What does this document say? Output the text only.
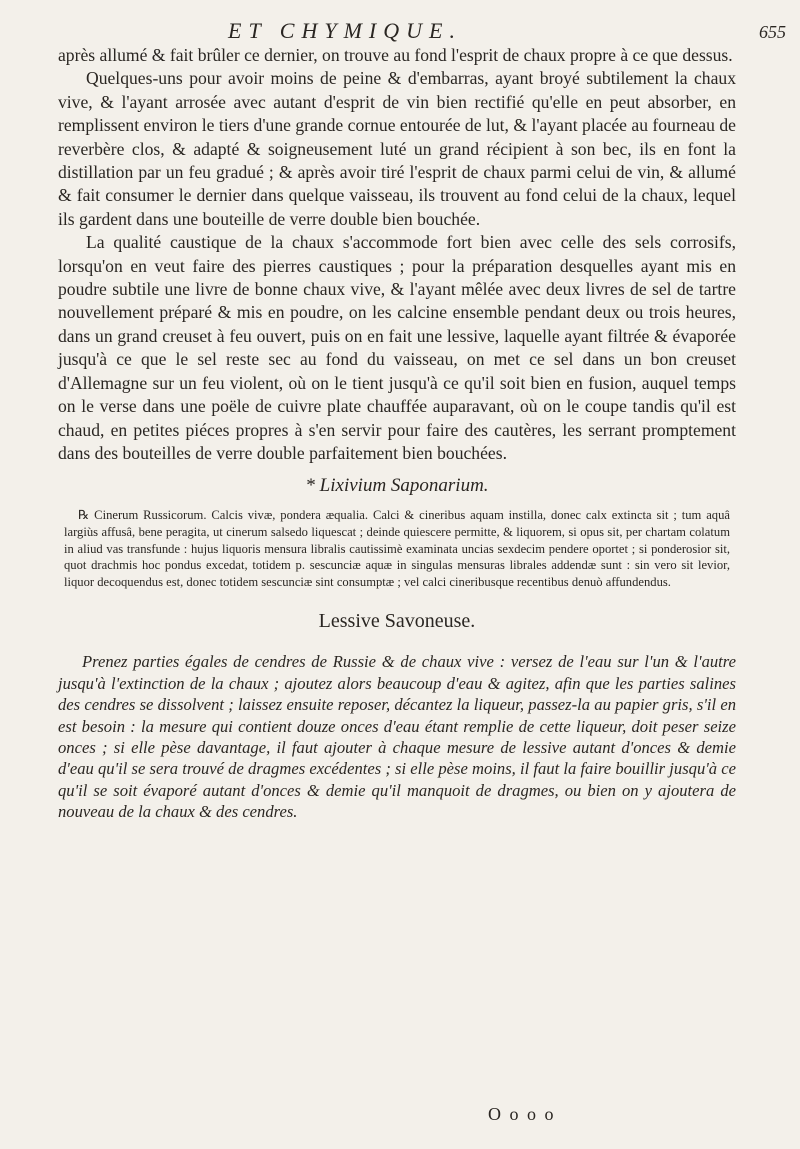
ET CHYMIQUE.	655

après allumé & fait brûler ce dernier, on trouve au fond l'esprit de chaux propre à ce que dessus.

Quelques-uns pour avoir moins de peine & d'embarras, ayant broyé subtilement la chaux vive, & l'ayant arrosée avec autant d'esprit de vin bien rectifié qu'elle en peut absorber, en remplissent environ le tiers d'une grande cornue entourée de lut, & l'ayant placée au fourneau de reverbère clos, & adapté & soigneusement luté un grand récipient à son bec, ils en font la distillation par un feu gradué ; & après avoir tiré l'esprit de chaux parmi celui de vin, & allumé & fait consumer le dernier dans quelque vaisseau, ils trouvent au fond celui de la chaux, lequel ils gardent dans une bouteille de verre double bien bouchée.

La qualité caustique de la chaux s'accommode fort bien avec celle des sels corrosifs, lorsqu'on en veut faire des pierres caustiques ; pour la préparation desquelles ayant mis en poudre subtile une livre de bonne chaux vive, & l'ayant mêlée avec deux livres de sel de tartre nouvellement préparé & mis en poudre, on les calcine ensemble pendant deux ou trois heures, dans un grand creuset à feu ouvert, puis on en fait une lessive, laquelle ayant filtrée & évaporée jusqu'à ce que le sel reste sec au fond du vaisseau, on met ce sel dans un bon creuset d'Allemagne sur un feu violent, où on le tient jusqu'à ce qu'il soit bien en fusion, auquel temps on le verse dans une poële de cuivre plate chauffée auparavant, où on le coupe tandis qu'il est chaud, en petites piéces propres à s'en servir pour faire des cautères, les serrant promptement dans des bouteilles de verre double parfaitement bien bouchées.

* Lixivium Saponarium.

℞ Cinerum Russicorum. Calcis vivæ, pondera æqualia. Calci & cineribus aquam instilla, donec calx extincta sit ; tum aquâ largiùs affusâ, bene peragita, ut cinerum salsedo liquescat ; deinde quiescere permitte, & liquorem, si opus sit, per chartam colatum in aliud vas transfunde : hujus liquoris mensura libralis cautissimè examinata uncias sexdecim pendere oportet ; si ponderosior sit, quot drachmis hoc pondus excedat, totidem p. sescunciæ aquæ in singulas mensuras librales addendæ sunt : sin vero sit levior, liquor decoquendus est, donec totidem sescunciæ sint consumptæ ; vel calci cineribusque recentibus denuò affundendus.

Lessive Savoneuse.

Prenez parties égales de cendres de Russie & de chaux vive : versez de l'eau sur l'un & l'autre jusqu'à l'extinction de la chaux ; ajoutez alors beaucoup d'eau & agitez, afin que les parties salines des cendres se dissolvent ; laissez ensuite reposer, décantez la liqueur, passez-la au papier gris, s'il en est besoin : la mesure qui contient douze onces d'eau étant remplie de cette liqueur, doit peser seize onces ; si elle pèse davantage, il faut ajouter à chaque mesure de lessive autant d'onces & demie d'eau qu'il se sera trouvé de dragmes excédentes ; si elle pèse moins, il faut la faire bouillir jusqu'à ce qu'il se soit évaporé autant d'onces & demie qu'il manquoit de dragmes, ou bien on y ajoutera de nouveau de la chaux & des cendres.

O o o o
